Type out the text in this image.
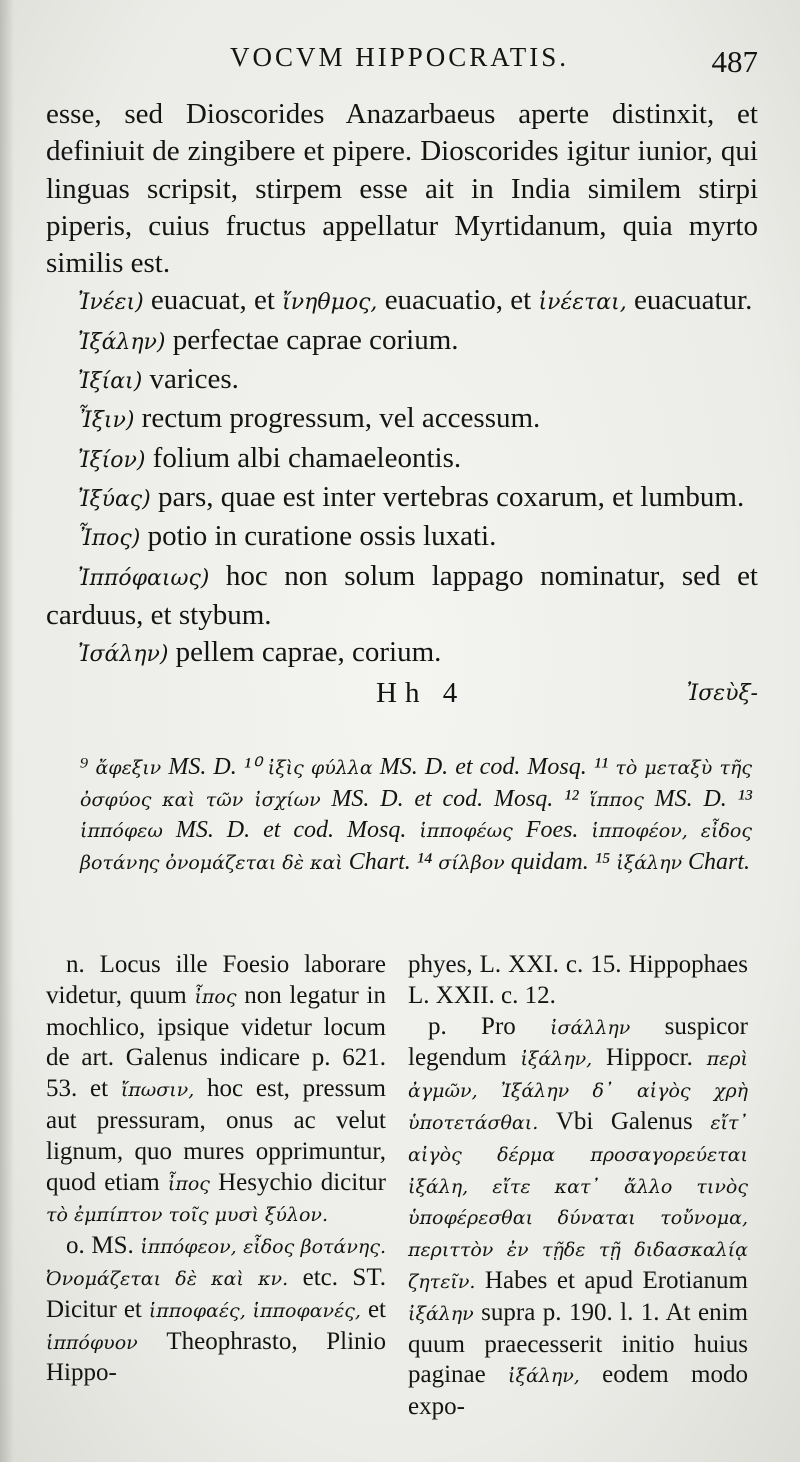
VOCVM HIPPOCRATIS.	487

esse, sed Dioscorides Anazarbaeus aperte distinxit, et definiuit de zingibere et pipere. Dioscorides igitur iunior, qui linguas scripsit, stirpem esse ait in India similem stirpi piperis, cuius fructus appellatur Myrtidanum, quia myrto similis est.

Ἰνέει) euacuat, et ἴνηθμος, euacuatio, et ἰνέεται, euacuatur.

Ἰξάλην) perfectae caprae corium.

Ἰξίαι) varices.

Ἶξιν) rectum progressum, vel accessum.

Ἰξίον) folium albi chamaeleontis.

Ἰξύας) pars, quae est inter vertebras coxarum, et lumbum.

Ἶπος) potio in curatione ossis luxati.

Ἰππόφαιως) hoc non solum lappago nominatur, sed et carduus, et stybum.

Ἰσάλην) pellem caprae, corium.

Hh 4	Ἰσεὺξ-
⁹ ἄφεξιν MS. D. ¹⁰ ἰξὶς φύλλα MS. D. et cod. Mosq. ¹¹ τὸ μεταξὺ τῆς ὀσφύος καὶ τῶν ἰσχίων MS. D. et cod. Mosq. ¹² ἵππος MS. D. ¹³ ἱππόφεω MS. D. et cod. Mosq. ἱπποφέως Foes. ἱπποφέον, εἶδος βοτάνης ὀνομάζεται δὲ καὶ Chart. ¹⁴ σίλβον quidam. ¹⁵ ἰξάλην Chart.

n. Locus ille Foesio laborare videtur, quum ἶπος non legatur in mochlico, ipsique videtur locum de art. Galenus indicare p. 621. 53. et ἴπωσιν, hoc est, pressum aut pressuram, onus ac velut lignum, quo mures opprimuntur, quod etiam ἶπος Hesychio dicitur τὸ ἐμπίπτον τοῖς μυσὶ ξύλον.

o. MS. ἱππόφεον, εἶδος βοτάνης. Ὀνομάζεται δὲ καὶ κν. etc. ST. Dicitur et ἱπποφαές, ἱπποφανές, et ἱππόφυον Theophrasto, Plinio Hippo-

phyes, L. XXI. c. 15. Hippophaes L. XXII. c. 12.

p. Pro ἰσάλλην suspicor legendum ἰξάλην, Hippocr. περὶ ἀγμῶν, Ἰξάλην δ᾽ αἰγὸς χρὴ ὑποτετάσθαι. Vbi Galenus εἴτ᾽ αἰγὸς δέρμα προσαγορεύεται ἰξάλη, εἴτε κατ᾽ ἄλλο τινὸς ὑποφέρεσθαι δύναται τοὔνομα, περιττὸν ἐν τῇδε τῇ διδασκαλίᾳ ζητεῖν. Habes et apud Erotianum ἰξάλην supra p. 190. l. 1. At enim quum praecesserit initio huius paginae ἰξάλην, eodem modo expo-
